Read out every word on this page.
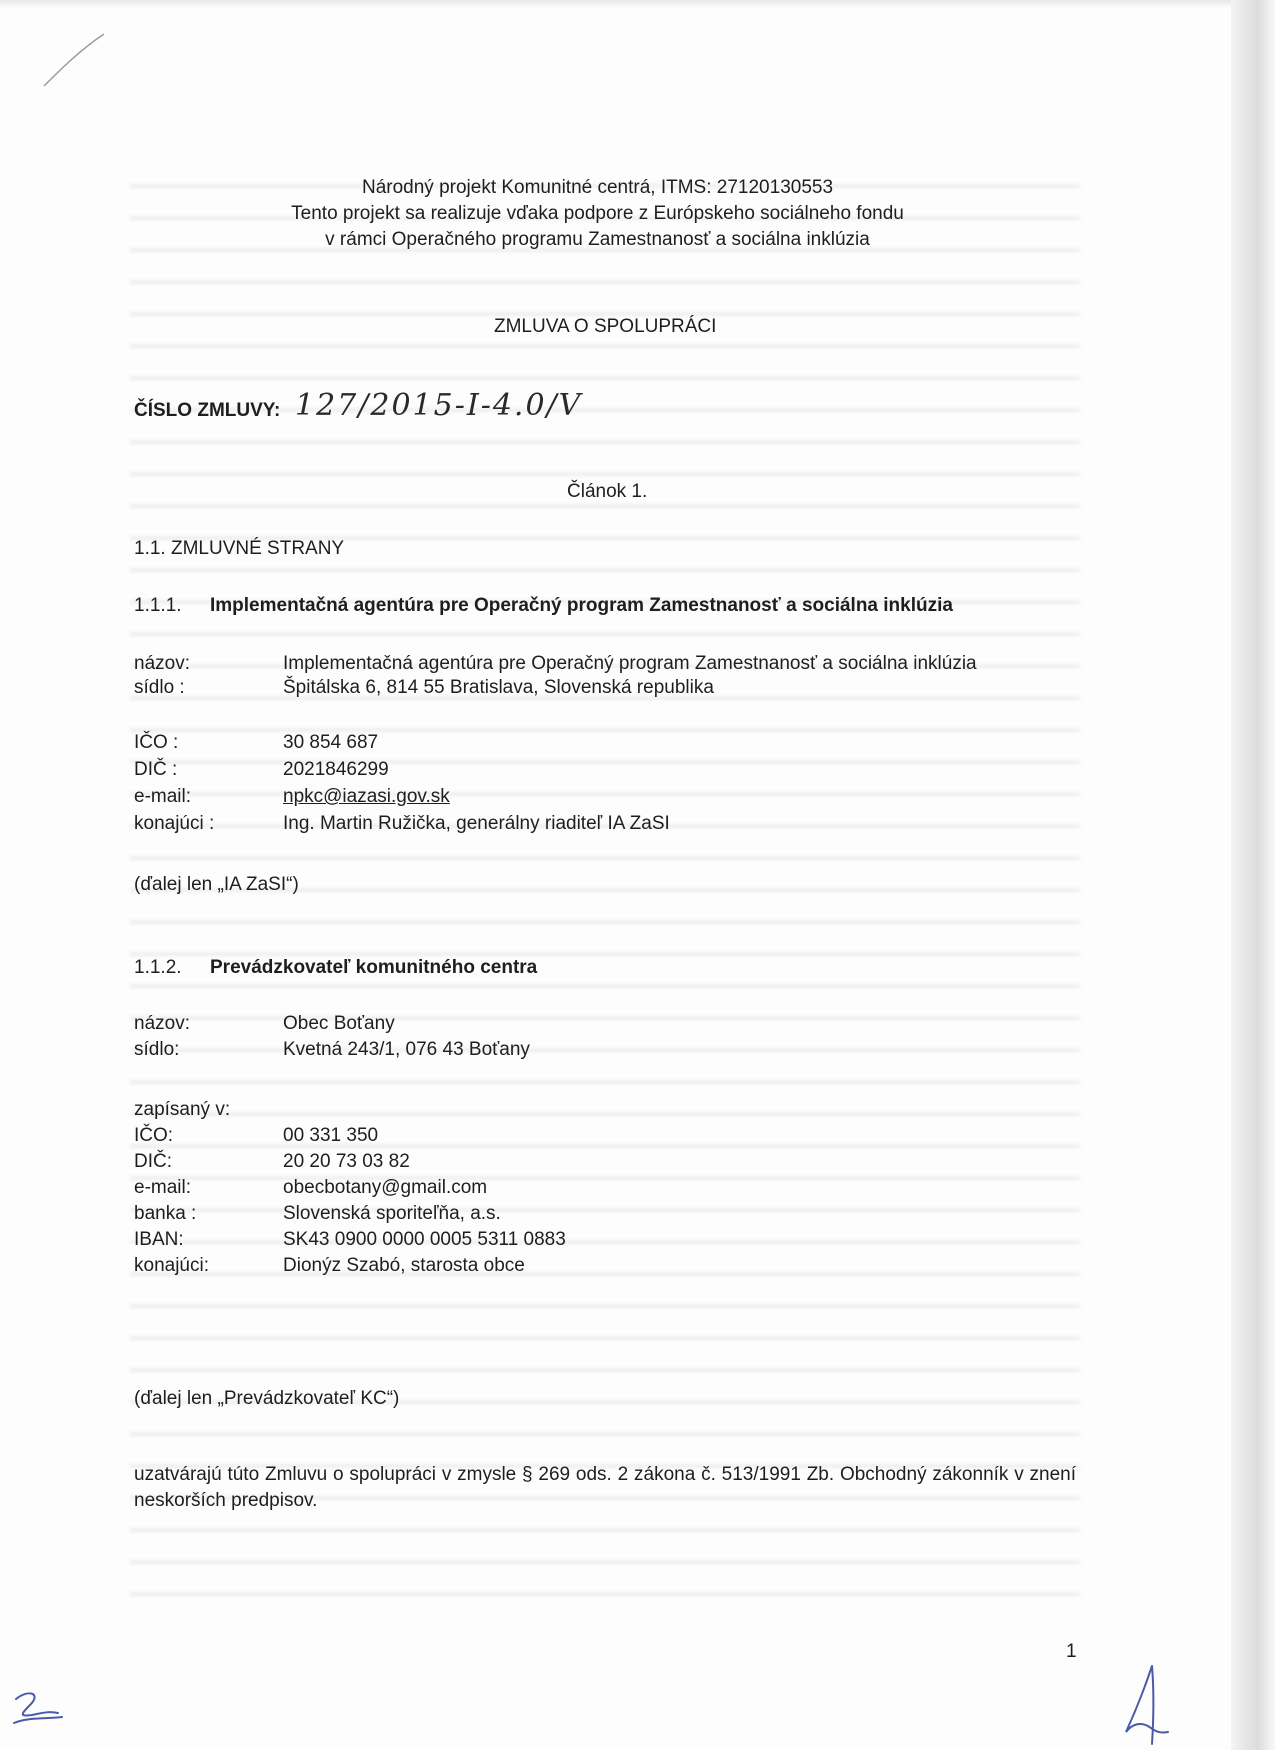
Národný projekt Komunitné centrá, ITMS: 27120130553
Tento projekt sa realizuje vďaka podpore z Európskeho sociálneho fondu
v rámci Operačného programu Zamestnanosť a sociálna inklúzia
ZMLUVA O SPOLUPRÁCI
ČÍSLO ZMLUVY: 127/2015-I-4.0/V
Článok 1.
1.1. ZMLUVNÉ STRANY
1.1.1. Implementačná agentúra pre Operačný program Zamestnanosť a sociálna inklúzia
názov:	Implementačná agentúra pre Operačný program Zamestnanosť a sociálna inklúzia
sídlo :	Špitálska 6, 814 55 Bratislava, Slovenská republika
IČO :	30 854 687
DIČ :	2021846299
e-mail:	npkc@iazasi.gov.sk
konajúci :	Ing. Martin Ružička, generálny riaditeľ IA ZaSI
(ďalej len „IA ZaSI“)
1.1.2. Prevádzkovateľ komunitného centra
názov:	Obec Boťany
sídlo:	Kvetná 243/1, 076 43 Boťany
zapísaný v:
IČO:	00 331 350
DIČ:	20 20 73 03 82
e-mail:	obecbotany@gmail.com
banka :	Slovenská sporiteľňa, a.s.
IBAN:	SK43 0900 0000 0005 5311 0883
konajúci:	Dionýz Szabó, starosta obce
(ďalej len „Prevádzkovateľ KC“)
uzatvárajú túto Zmluvu o spolupráci v zmysle § 269 ods. 2 zákona č. 513/1991 Zb. Obchodný zákonník v znení neskorších predpisov.
1
